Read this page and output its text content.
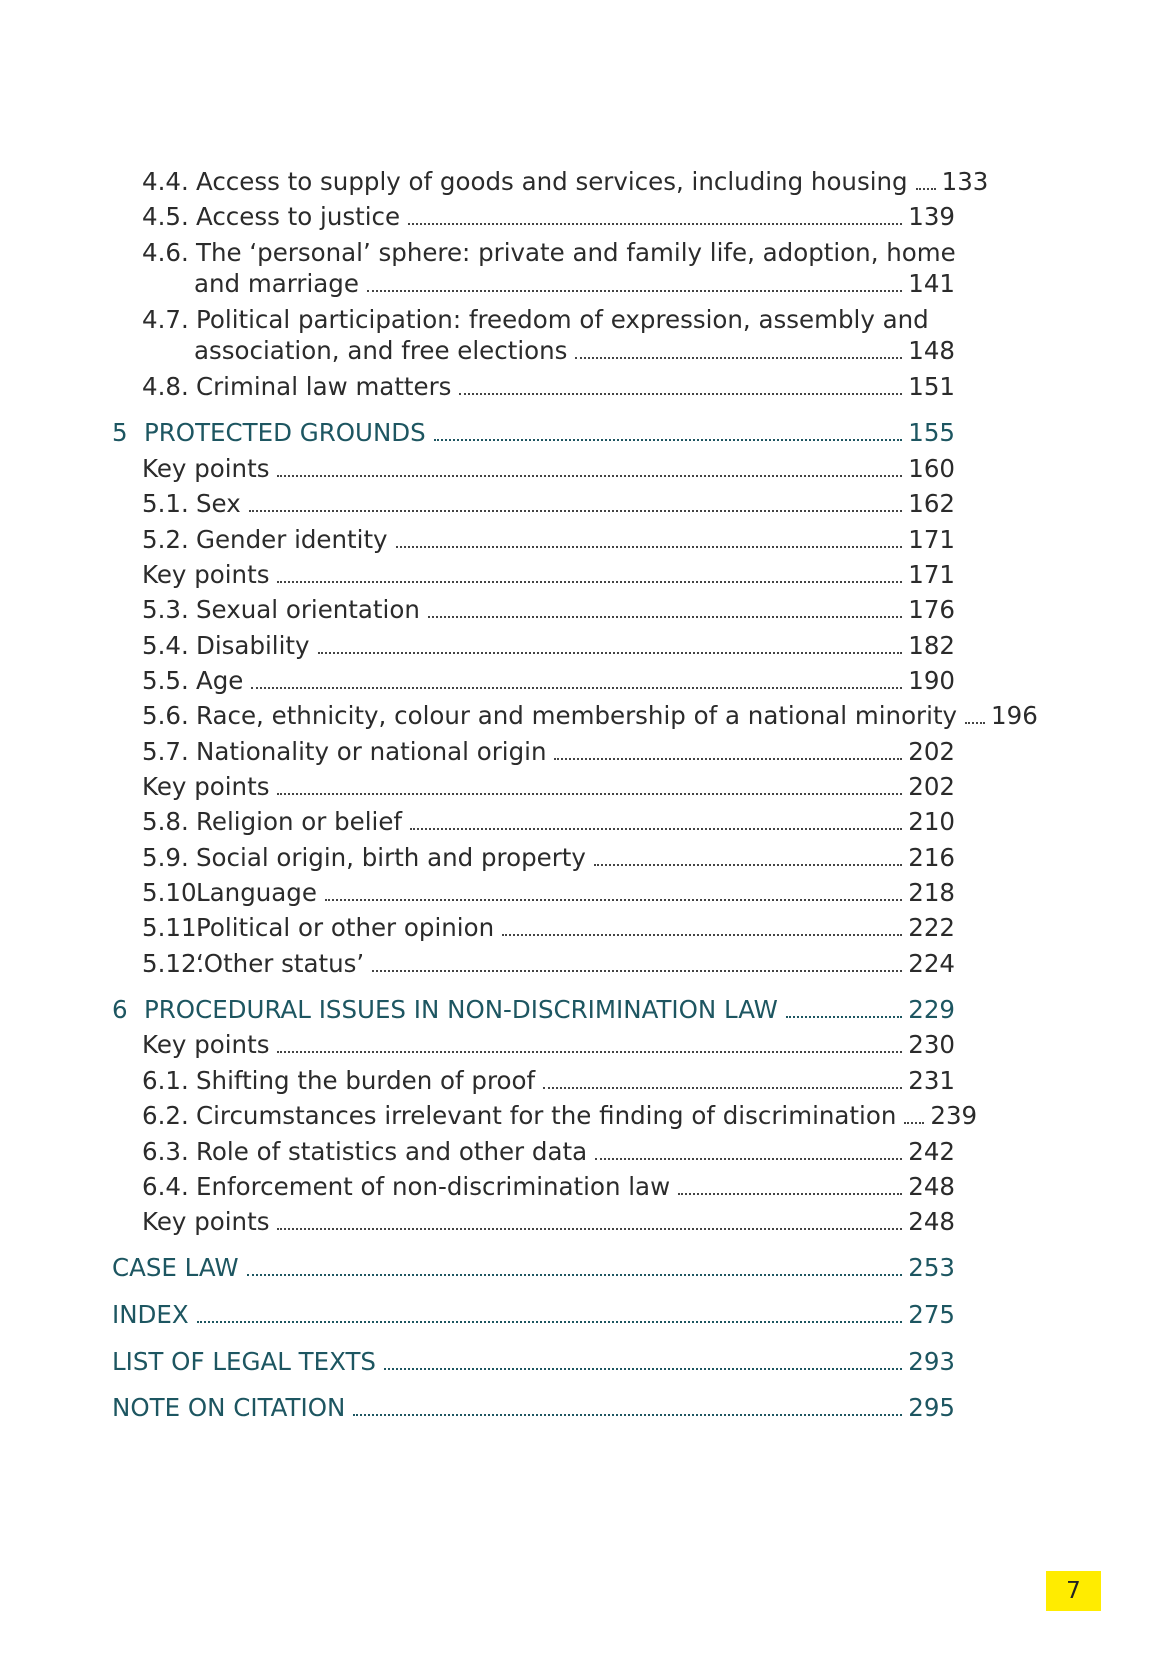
4.4. Access to supply of goods and services, including housing 133
4.5. Access to justice	139
4.6. The ‘personal’ sphere: private and family life, adoption, home
and marriage	141
4.7. Political participation: freedom of expression, assembly and
association, and free elections	148
4.8. Criminal law matters	151
5 PROTECTED GROUNDS	155
Key points	160
5.1. Sex	162
5.2. Gender identity	171
Key points	171
5.3. Sexual orientation	176
5.4. Disability	182
5.5. Age	190
5.6. Race, ethnicity, colour and membership of a national minority 196
5.7. Nationality or national origin	202
Key points	202
5.8. Religion or belief	210
5.9. Social origin, birth and property	216
5.10.
Language	218
5.11.
Political or other opinion	222
5.12.
‘Other status’	224
6 PROCEDURAL ISSUES IN NON-DISCRIMINATION LAW	229
Key points	230
6.1. Shifting the burden of proof	231
6.2. Circumstances irrelevant for the finding of discrimination 239
6.3. Role of statistics and other data	242
6.4. Enforcement of non-discrimination law	248
Key points	248
CASE LAW	253
INDEX	275
LIST OF LEGAL TEXTS	293
NOTE ON CITATION	295
7
